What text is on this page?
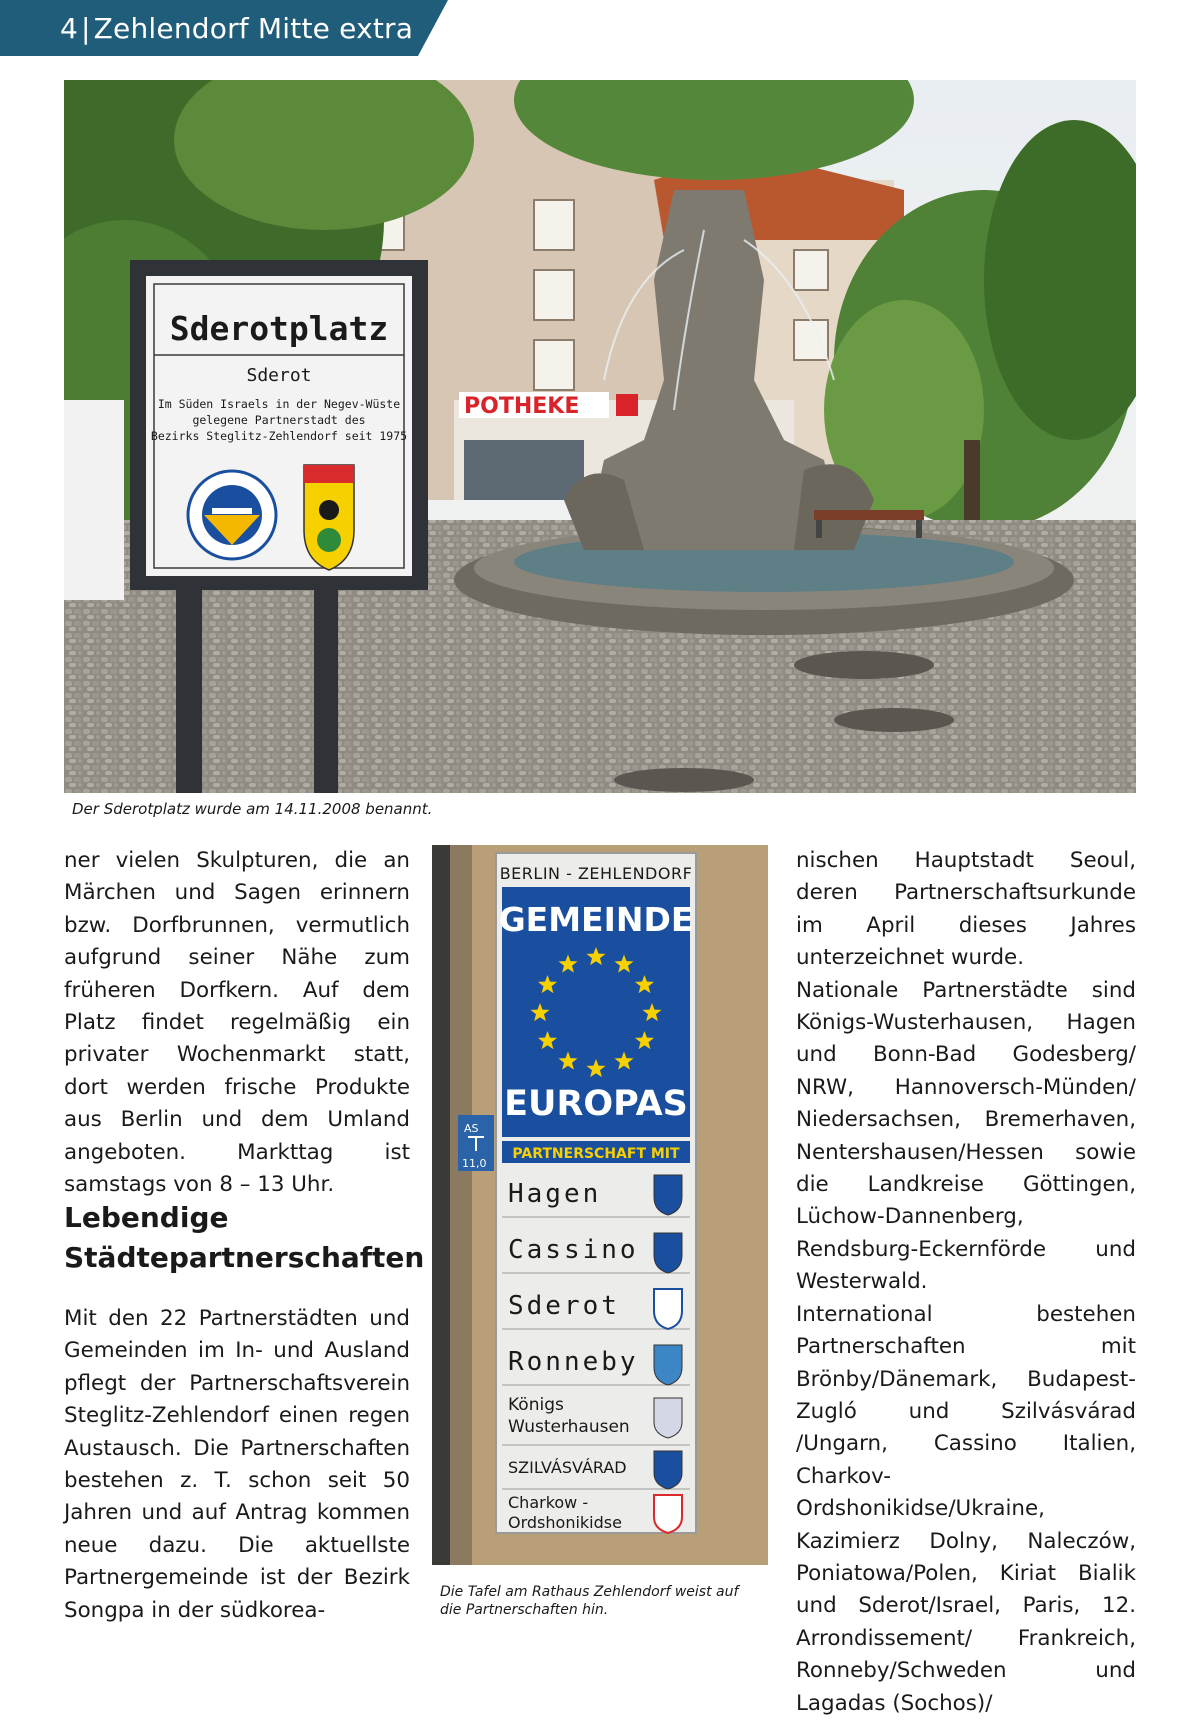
4 | Zehlendorf Mitte extra
POTHEKE
Sderotplatz
Sderot
Im Süden Israels in der Negev-Wüste
gelegene Partnerstadt des
Bezirks Steglitz-Zehlendorf seit 1975
Der Sderotplatz wurde am 14.11.2008 benannt.

ner vielen Skulpturen, die an Märchen und Sagen erinnern bzw. Dorfbrunnen, vermutlich aufgrund seiner Nähe zum früheren Dorfkern. Auf dem Platz findet regelmäßig ein privater Wochenmarkt statt, dort werden frische Produkte aus Berlin und dem Umland angeboten. Markttag ist samstags von 8 – 13 Uhr.

Lebendige Städtepartnerschaften

Mit den 22 Partnerstädten und Gemeinden im In- und Ausland pflegt der Partnerschaftsverein Steglitz-Zehlendorf einen regen Austausch. Die Partnerschaften bestehen z. T. schon seit 50 Jahren und auf Antrag kommen neue dazu. Die aktuellste Partnergemeinde ist der Bezirk Songpa in der südkorea-

AS
11,0
BERLIN - ZEHLENDORF
GEMEINDE
EUROPAS
PARTNERSCHAFT MIT
Hagen
Cassino
Sderot
Ronneby
Königs
Wusterhausen
SZILVÁSVÁRAD
Charkow -
Ordshonikidse
Die Tafel am Rathaus Zehlendorf weist auf
die Partnerschaften hin.

nischen Hauptstadt Seoul, deren Partnerschaftsurkunde im April dieses Jahres unterzeichnet wurde.

Nationale Partnerstädte sind Königs-Wusterhausen, Hagen und Bonn-Bad Godesberg/ NRW, Hannoversch-Münden/ Niedersachsen, Bremerhaven, Nentershausen/Hessen sowie die Landkreise Göttingen, Lüchow-Dannenberg, Rendsburg-Eckernförde und Westerwald.

International bestehen Partnerschaften mit Brönby/Dänemark, Budapest-Zugló und Szilvásvárad /Ungarn, Cassino Italien, Charkov-Ordshonikidse/Ukraine, Kazimierz Dolny, Naleczów, Poniatowa/Polen, Kiriat Bialik und Sderot/Israel, Paris, 12. Arrondissement/ Frankreich, Ronneby/Schweden und Lagadas (Sochos)/
